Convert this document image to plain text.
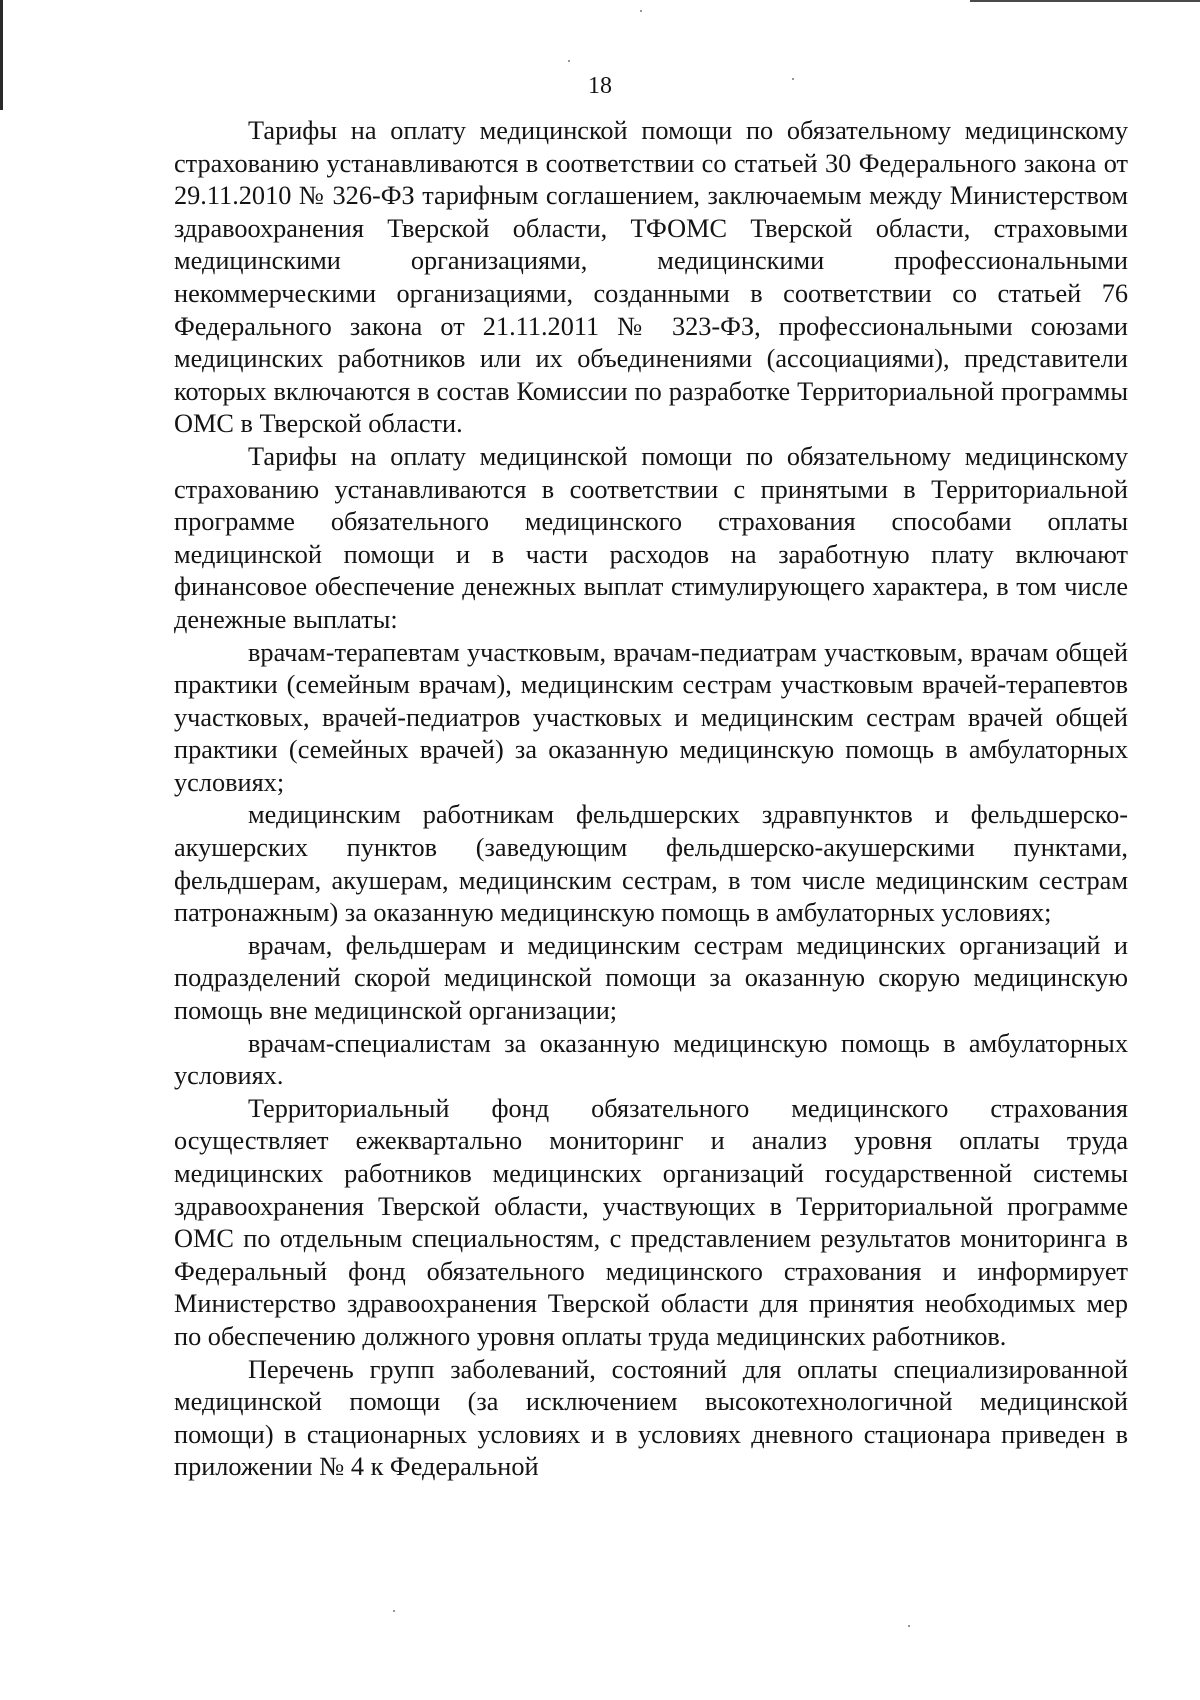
18

Тарифы на оплату медицинской помощи по обязательному медицинскому страхованию устанавливаются в соответствии со статьей 30 Федерального закона от 29.11.2010 № 326-ФЗ тарифным соглашением, заключаемым между Министерством здравоохранения Тверской области, ТФОМС Тверской области, страховыми медицинскими организациями, медицинскими профессиональными некоммерческими организациями, созданными в соответствии со статьей 76 Федерального закона от 21.11.2011 № 323-ФЗ, профессиональными союзами медицинских работников или их объединениями (ассоциациями), представители которых включаются в состав Комиссии по разработке Территориальной программы ОМС в Тверской области.

Тарифы на оплату медицинской помощи по обязательному медицинскому страхованию устанавливаются в соответствии с принятыми в Территориальной программе обязательного медицинского страхования способами оплаты медицинской помощи и в части расходов на заработную плату включают финансовое обеспечение денежных выплат стимулирующего характера, в том числе денежные выплаты:

врачам-терапевтам участковым, врачам-педиатрам участковым, врачам общей практики (семейным врачам), медицинским сестрам участковым врачей-терапевтов участковых, врачей-педиатров участковых и медицинским сестрам врачей общей практики (семейных врачей) за оказанную медицинскую помощь в амбулаторных условиях;

медицинским работникам фельдшерских здравпунктов и фельдшерско-акушерских пунктов (заведующим фельдшерско-акушерскими пунктами, фельдшерам, акушерам, медицинским сестрам, в том числе медицинским сестрам патронажным) за оказанную медицинскую помощь в амбулаторных условиях;

врачам, фельдшерам и медицинским сестрам медицинских организаций и подразделений скорой медицинской помощи за оказанную скорую медицинскую помощь вне медицинской организации;

врачам-специалистам за оказанную медицинскую помощь в амбулаторных условиях.

Территориальный фонд обязательного медицинского страхования осуществляет ежеквартально мониторинг и анализ уровня оплаты труда медицинских работников медицинских организаций государственной системы здравоохранения Тверской области, участвующих в Территориальной программе ОМС по отдельным специальностям, с представлением результатов мониторинга в Федеральный фонд обязательного медицинского страхования и информирует Министерство здравоохранения Тверской области для принятия необходимых мер по обеспечению должного уровня оплаты труда медицинских работников.

Перечень групп заболеваний, состояний для оплаты специализированной медицинской помощи (за исключением высокотехнологичной медицинской помощи) в стационарных условиях и в условиях дневного стационара приведен в приложении № 4 к Федеральной
